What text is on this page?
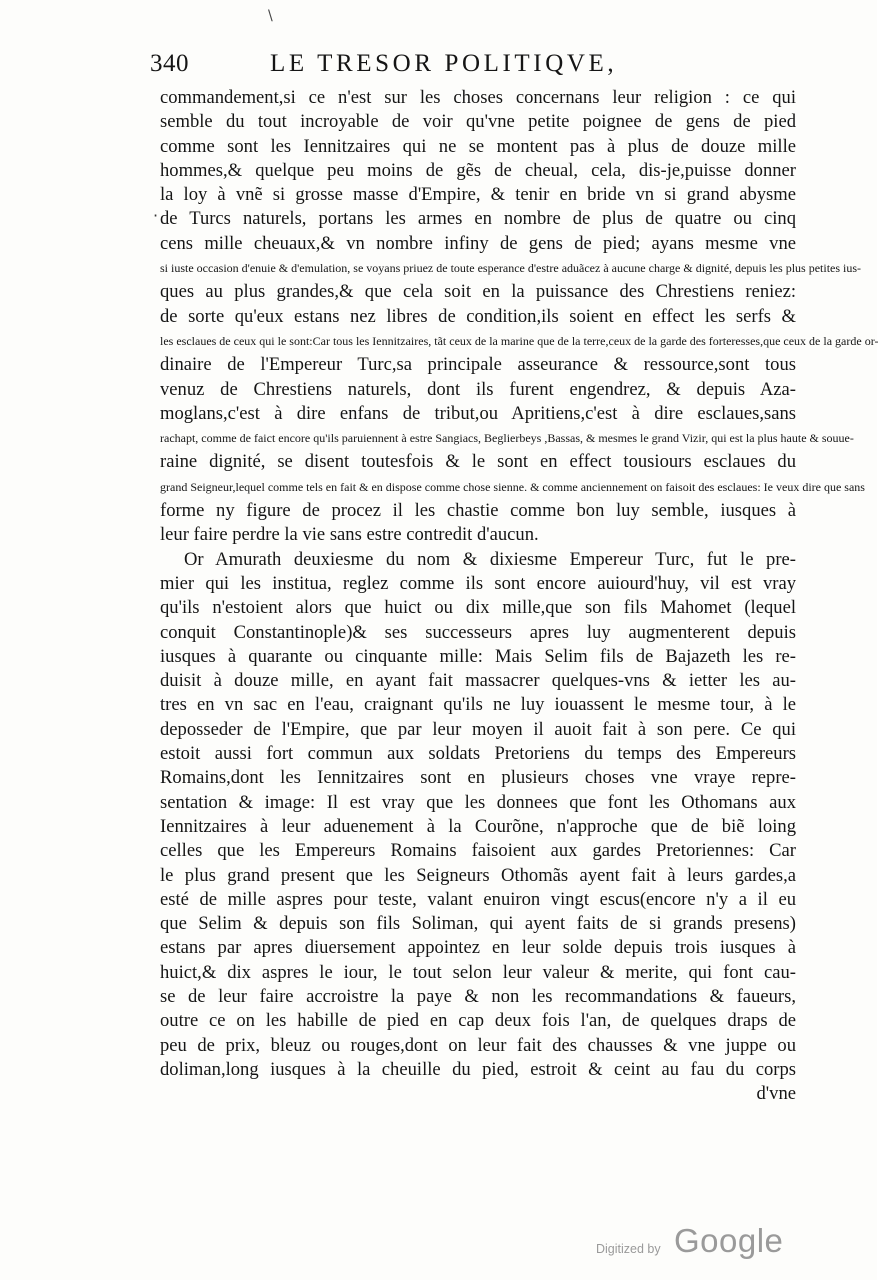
\
340	LE TRESOR POLITIQVE,
·
commandement,si ce n'est sur les choses concernans leur religion : ce qui
semble du tout incroyable de voir qu'vne petite poignee de gens de pied
comme sont les Iennitzaires qui ne se montent pas à plus de douze mille
hommes,& quelque peu moins de gẽs de cheual, cela, dis-je,puisse donner
la loy à vnẽ si grosse masse d'Empire, & tenir en bride vn si grand abysme
de Turcs naturels, portans les armes en nombre de plus de quatre ou cinq
cens mille cheuaux,& vn nombre infiny de gens de pied; ayans mesme vne
si iuste occasion d'enuie & d'emulation, se voyans priuez de toute esperance d'estre aduãcez à aucune charge & dignité, depuis les plus petites ius-
ques au plus grandes,& que cela soit en la puissance des Chrestiens reniez:
de sorte qu'eux estans nez libres de condition,ils soient en effect les serfs &
les esclaues de ceux qui le sont:Car tous les Iennitzaires, tãt ceux de la marine que de la terre,ceux de la garde des forteresses,que ceux de la garde or-
dinaire de l'Empereur Turc,sa principale asseurance & ressource,sont tous
venuz de Chrestiens naturels, dont ils furent engendrez, & depuis Aza-
moglans,c'est à dire enfans de tribut,ou Apritiens,c'est à dire esclaues,sans
rachapt, comme de faict encore qu'ils paruiennent à estre Sangiacs, Beglierbeys ,Bassas, & mesmes le grand Vizir, qui est la plus haute & souue-
raine dignité, se disent toutesfois & le sont en effect tousiours esclaues du
grand Seigneur,lequel comme tels en fait & en dispose comme chose sienne. & comme anciennement on faisoit des esclaues: Ie veux dire que sans
forme ny figure de procez il les chastie comme bon luy semble, iusques à
leur faire perdre la vie sans estre contredit d'aucun.
Or Amurath deuxiesme du nom & dixiesme Empereur Turc, fut le pre-
mier qui les institua, reglez comme ils sont encore auiourd'huy, vil est vray
qu'ils n'estoient alors que huict ou dix mille,que son fils Mahomet (lequel
conquit Constantinople)& ses successeurs apres luy augmenterent depuis
iusques à quarante ou cinquante mille: Mais Selim fils de Bajazeth les re-
duisit à douze mille, en ayant fait massacrer quelques-vns & ietter les au-
tres en vn sac en l'eau, craignant qu'ils ne luy iouassent le mesme tour, à le
deposseder de l'Empire, que par leur moyen il auoit fait à son pere. Ce qui
estoit aussi fort commun aux soldats Pretoriens du temps des Empereurs
Romains,dont les Iennitzaires sont en plusieurs choses vne vraye repre-
sentation & image: Il est vray que les donnees que font les Othomans aux
Iennitzaires à leur aduenement à la Courõne, n'approche que de biẽ loing
celles que les Empereurs Romains faisoient aux gardes Pretoriennes: Car
le plus grand present que les Seigneurs Othomãs ayent fait à leurs gardes,a
esté de mille aspres pour teste, valant enuiron vingt escus(encore n'y a il eu
que Selim & depuis son fils Soliman, qui ayent faits de si grands presens)
estans par apres diuersement appointez en leur solde depuis trois iusques à
huict,& dix aspres le iour, le tout selon leur valeur & merite, qui font cau-
se de leur faire accroistre la paye & non les recommandations & faueurs,
outre ce on les habille de pied en cap deux fois l'an, de quelques draps de
peu de prix, bleuz ou rouges,dont on leur fait des chausses & vne juppe ou
doliman,long iusques à la cheuille du pied, estroit & ceint au fau du corps
d'vne
Digitized by Google
